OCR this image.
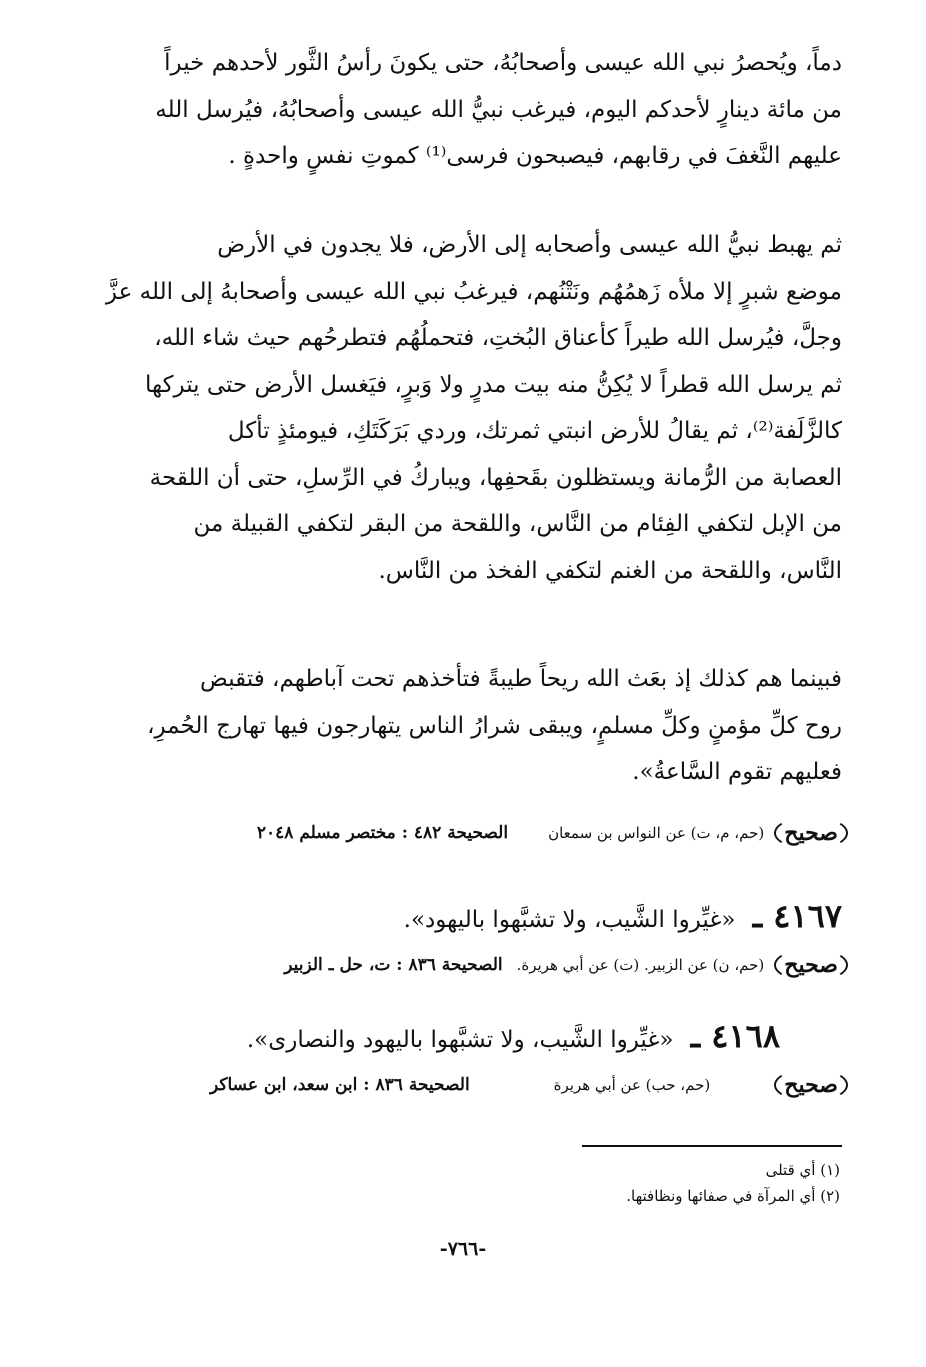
دماً، ويُحصرُ نبي الله عيسى وأصحابُهُ، حتى يكونَ رأسُ الثَّور لأحدهم خيراً
من مائة دينارٍ لأحدكم اليوم، فيرغب نبيُّ الله عيسى وأصحابُهُ، فيُرسل الله
عليهم النَّغفَ في رقابهم، فيصبحون فرسى⁽¹⁾ كموتِ نفسٍ واحدةٍ .
ثم يهبط نبيُّ الله عيسى وأصحابه إلى الأرض، فلا يجدون في الأرض
موضع شبرٍ إلا ملأه زَهمُهُم ونَتْنُهم، فيرغبُ نبي الله عيسى وأصحابهُ إلى الله عزَّ
وجلَّ، فيُرسل الله طيراً كأعناق البُختِ، فتحملُهُم فتطرحُهم حيث شاء الله،
ثم يرسل الله قطراً لا يُكِنُّ منه بيت مدرٍ ولا وَبرٍ، فيَغسل الأرض حتى يتركها
كالزَّلَفة⁽²⁾، ثم يقالُ للأرض انبتي ثمرتك، وردي بَرَكَتَكِ، فيومئذٍ تأكل
العصابة من الرُّمانة ويستظلون بقَحفِها، ويباركُ في الرِّسلِ، حتى أن اللقحة
من الإبل لتكفي الفِئام من النَّاس، واللقحة من البقر لتكفي القبيلة من
النَّاس، واللقحة من الغنم لتكفي الفخذ من النَّاس.
فبينما هم كذلك إذ بعَث الله ريحاً طيبةً فتأخذهم تحت آباطهم، فتقبض
روح كلِّ مؤمنٍ وكلِّ مسلمٍ، ويبقى شرارُ الناس يتهارجون فيها تهارج الحُمرِ،
فعليهم تقوم السَّاعةُ».
صحيح
(حم، م، ت) عن النواس بن سمعان
الصحيحة ٤٨٢ : مختصر مسلم ٢٠٤٨
٤١٦٧ ـ «غيِّروا الشَّيب، ولا تشبَّهوا باليهود».
صحيح
(حم، ن) عن الزبير. (ت) عن أبي هريرة.
الصحيحة ٨٣٦ : ت، حل ـ الزبير
٤١٦٨ ـ «غيِّروا الشَّيب، ولا تشبَّهوا باليهود والنصارى».
صحيح
(حم، حب) عن أبي هريرة
الصحيحة ٨٣٦ : ابن سعد، ابن عساكر
(١) أي قتلى
(٢) أي المرآة في صفائها ونظافتها.
-٧٦٦-
